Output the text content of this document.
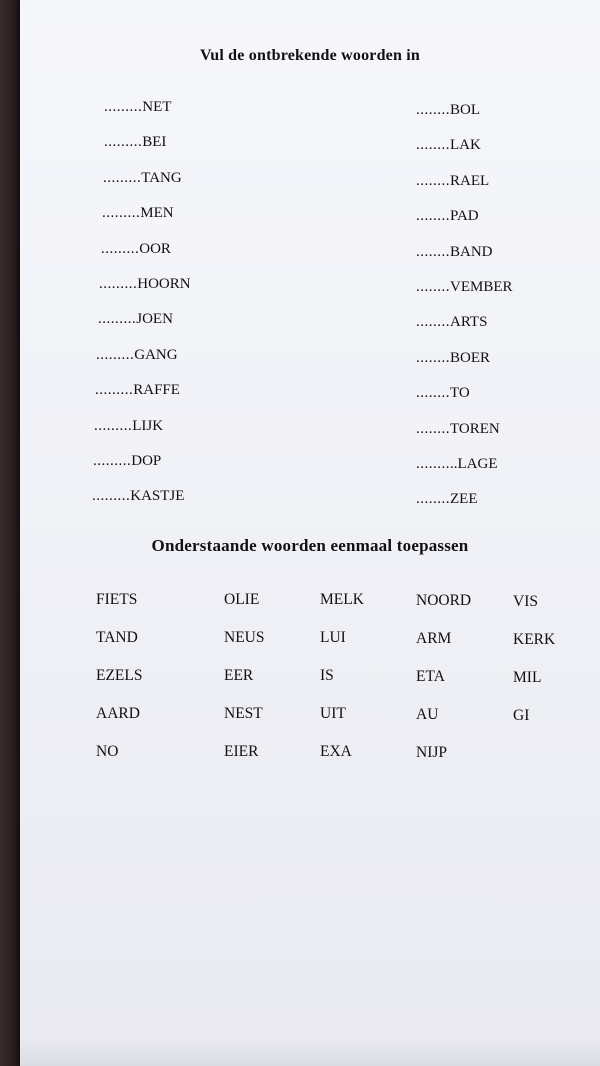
Vul de ontbrekende woorden in
.........NET
.........BEI
.........TANG
.........MEN
.........OOR
.........HOORN
.........JOEN
.........GANG
.........RAFFE
.........LIJK
.........DOP
.........KASTJE
........BOL
........LAK
........RAEL
........PAD
........BAND
........VEMBER
........ARTS
........BOER
........TO
........TOREN
..........LAGE
........ZEE
Onderstaande woorden eenmaal toepassen
FIETS	OLIE	MELK	NOORD	VIS
TAND	NEUS	LUI	ARM	KERK
EZELS	EER	IS	ETA	MIL
AARD	NEST	UIT	AU	GI
NO	EIER	EXA	NIJP
